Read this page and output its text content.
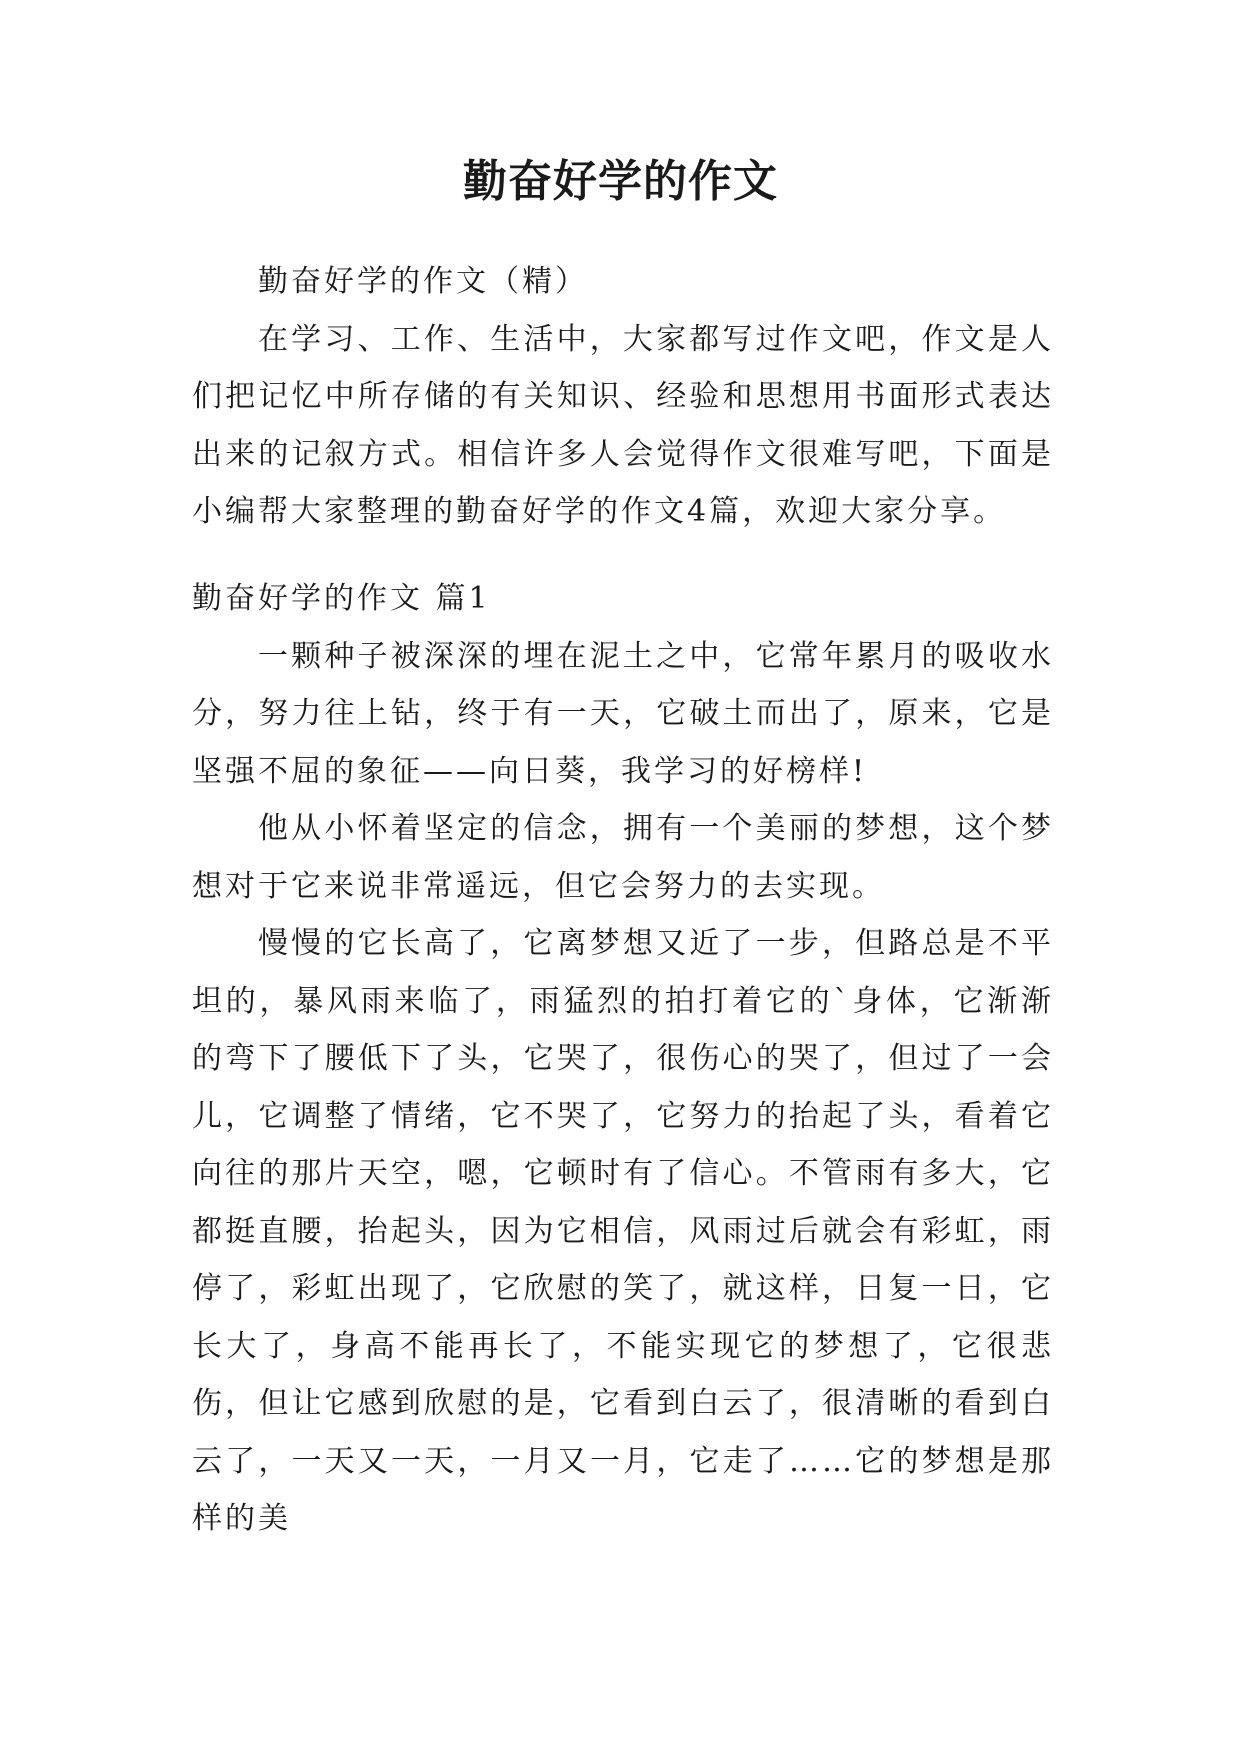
勤奋好学的作文

勤奋好学的作文（精）

在学习、工作、生活中，大家都写过作文吧，作文是人们把记忆中所存储的有关知识、经验和思想用书面形式表达出来的记叙方式。相信许多人会觉得作文很难写吧，下面是小编帮大家整理的勤奋好学的作文4篇，欢迎大家分享。

勤奋好学的作文 篇1

一颗种子被深深的埋在泥土之中，它常年累月的吸收水分，努力往上钻，终于有一天，它破土而出了，原来，它是坚强不屈的象征——向日葵，我学习的好榜样!

他从小怀着坚定的信念，拥有一个美丽的梦想，这个梦想对于它来说非常遥远，但它会努力的去实现。

慢慢的它长高了，它离梦想又近了一步，但路总是不平坦的，暴风雨来临了，雨猛烈的拍打着它的`身体，它渐渐的弯下了腰低下了头，它哭了，很伤心的哭了，但过了一会儿，它调整了情绪，它不哭了，它努力的抬起了头，看着它向往的那片天空，嗯，它顿时有了信心。不管雨有多大，它都挺直腰，抬起头，因为它相信，风雨过后就会有彩虹，雨停了，彩虹出现了，它欣慰的笑了，就这样，日复一日，它长大了，身高不能再长了，不能实现它的梦想了，它很悲伤，但让它感到欣慰的是，它看到白云了，很清晰的看到白云了，一天又一天，一月又一月，它走了……它的梦想是那样的美
